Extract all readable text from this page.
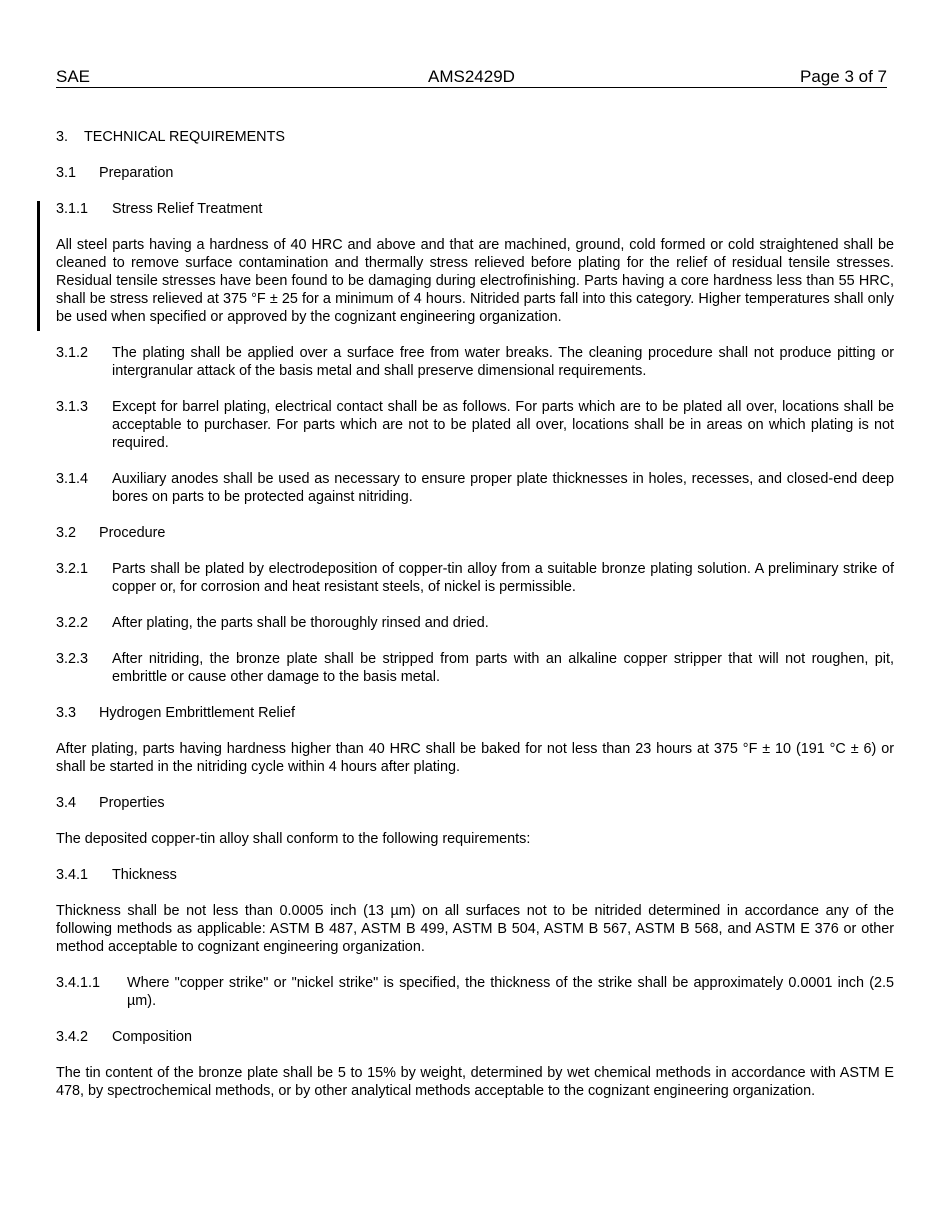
SAE	AMS2429D	Page 3 of 7
3. TECHNICAL REQUIREMENTS
3.1 Preparation
3.1.1 Stress Relief Treatment

All steel parts having a hardness of 40 HRC and above and that are machined, ground, cold formed or cold straightened shall be cleaned to remove surface contamination and thermally stress relieved before plating for the relief of residual tensile stresses. Residual tensile stresses have been found to be damaging during electrofinishing. Parts having a core hardness less than 55 HRC, shall be stress relieved at 375 °F ± 25 for a minimum of 4 hours. Nitrided parts fall into this category. Higher temperatures shall only be used when specified or approved by the cognizant engineering organization.

3.1.2	The plating shall be applied over a surface free from water breaks. The cleaning procedure shall not produce pitting or intergranular attack of the basis metal and shall preserve dimensional requirements.
3.1.3	Except for barrel plating, electrical contact shall be as follows. For parts which are to be plated all over, locations shall be acceptable to purchaser. For parts which are not to be plated all over, locations shall be in areas on which plating is not required.
3.1.4	Auxiliary anodes shall be used as necessary to ensure proper plate thicknesses in holes, recesses, and closed-end deep bores on parts to be protected against nitriding.
3.2 Procedure
3.2.1	Parts shall be plated by electrodeposition of copper-tin alloy from a suitable bronze plating solution. A preliminary strike of copper or, for corrosion and heat resistant steels, of nickel is permissible.
3.2.2	After plating, the parts shall be thoroughly rinsed and dried.
3.2.3	After nitriding, the bronze plate shall be stripped from parts with an alkaline copper stripper that will not roughen, pit, embrittle or cause other damage to the basis metal.
3.3 Hydrogen Embrittlement Relief

After plating, parts having hardness higher than 40 HRC shall be baked for not less than 23 hours at 375 °F ± 10 (191 °C ± 6) or shall be started in the nitriding cycle within 4 hours after plating.

3.4 Properties

The deposited copper-tin alloy shall conform to the following requirements:

3.4.1 Thickness

Thickness shall be not less than 0.0005 inch (13 µm) on all surfaces not to be nitrided determined in accordance any of the following methods as applicable: ASTM B 487, ASTM B 499, ASTM B 504, ASTM B 567, ASTM B 568, and ASTM E 376 or other method acceptable to cognizant engineering organization.

3.4.1.1	Where "copper strike" or "nickel strike" is specified, the thickness of the strike shall be approximately 0.0001 inch (2.5 µm).
3.4.2 Composition

The tin content of the bronze plate shall be 5 to 15% by weight, determined by wet chemical methods in accordance with ASTM E 478, by spectrochemical methods, or by other analytical methods acceptable to the cognizant engineering organization.
